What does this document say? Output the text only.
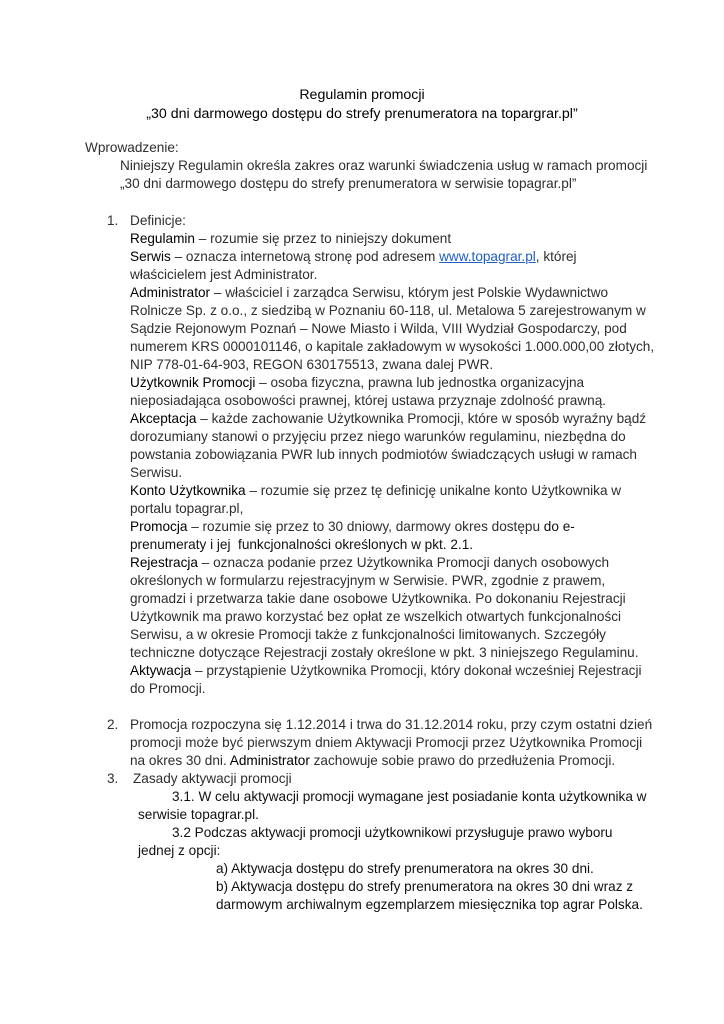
Regulamin promocji
„30 dni darmowego dostępu do strefy prenumeratora na topargrar.pl”
Wprowadzenie:
Niniejszy Regulamin określa zakres oraz warunki świadczenia usług w ramach promocji
„30 dni darmowego dostępu do strefy prenumeratora w serwisie topagrar.pl”
1. Definicje:
Regulamin – rozumie się przez to niniejszy dokument
Serwis – oznacza internetową stronę pod adresem www.topagrar.pl, której
właścicielem jest Administrator.
Administrator – właściciel i zarządca Serwisu, którym jest Polskie Wydawnictwo
Rolnicze Sp. z o.o., z siedzibą w Poznaniu 60-118, ul. Metalowa 5 zarejestrowanym w
Sądzie Rejonowym Poznań – Nowe Miasto i Wilda, VIII Wydział Gospodarczy, pod
numerem KRS 0000101146, o kapitale zakładowym w wysokości 1.000.000,00 złotych,
NIP 778-01-64-903, REGON 630175513, zwana dalej PWR.
Użytkownik Promocji – osoba fizyczna, prawna lub jednostka organizacyjna
nieposiadająca osobowości prawnej, której ustawa przyznaje zdolność prawną.
Akceptacja – każde zachowanie Użytkownika Promocji, które w sposób wyraźny bądź
dorozumiany stanowi o przyjęciu przez niego warunków regulaminu, niezbędna do
powstania zobowiązania PWR lub innych podmiotów świadczących usługi w ramach
Serwisu.
Konto Użytkownika – rozumie się przez tę definicję unikalne konto Użytkownika w
portalu topagrar.pl,
Promocja – rozumie się przez to 30 dniowy, darmowy okres dostępu do e-
prenumeraty i jej  funkcjonalności określonych w pkt. 2.1.
Rejestracja – oznacza podanie przez Użytkownika Promocji danych osobowych
określonych w formularzu rejestracyjnym w Serwisie. PWR, zgodnie z prawem,
gromadzi i przetwarza takie dane osobowe Użytkownika. Po dokonaniu Rejestracji
Użytkownik ma prawo korzystać bez opłat ze wszelkich otwartych funkcjonalności
Serwisu, a w okresie Promocji także z funkcjonalności limitowanych. Szczegóły
techniczne dotyczące Rejestracji zostały określone w pkt. 3 niniejszego Regulaminu.
Aktywacja – przystąpienie Użytkownika Promocji, który dokonał wcześniej Rejestracji
do Promocji.
2. Promocja rozpoczyna się 1.12.2014 i trwa do 31.12.2014 roku, przy czym ostatni dzień
promocji może być pierwszym dniem Aktywacji Promocji przez Użytkownika Promocji
na okres 30 dni. Administrator zachowuje sobie prawo do przedłużenia Promocji.
3. Zasady aktywacji promocji
3.1. W celu aktywacji promocji wymagane jest posiadanie konta użytkownika w
serwisie topagrar.pl.
3.2 Podczas aktywacji promocji użytkownikowi przysługuje prawo wyboru
jednej z opcji:
a) Aktywacja dostępu do strefy prenumeratora na okres 30 dni.
b) Aktywacja dostępu do strefy prenumeratora na okres 30 dni wraz z
darmowym archiwalnym egzemplarzem miesięcznika top agrar Polska.
